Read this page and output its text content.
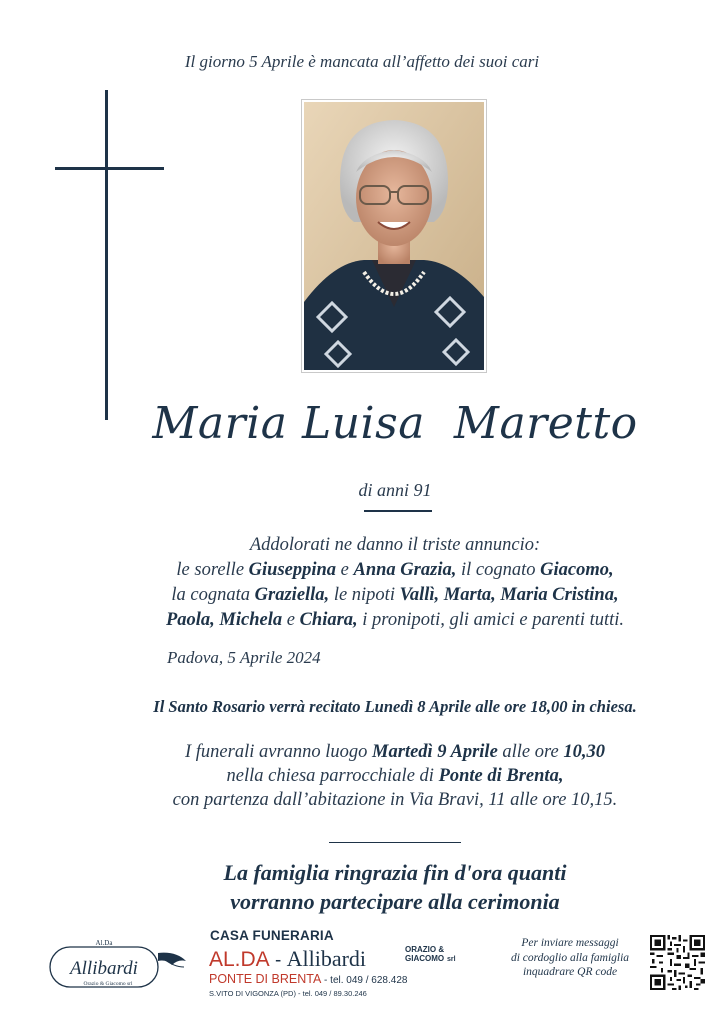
Il giorno 5 Aprile è mancata all’affetto dei suoi cari
Maria Luisa  Maretto
di anni 91
Addolorati ne danno il triste annuncio:
le sorelle Giuseppina e Anna Grazia, il cognato Giacomo,
la cognata Graziella, le nipoti Vallì, Marta, Maria Cristina,
Paola, Michela e Chiara, i pronipoti, gli amici e parenti tutti.
Padova, 5 Aprile 2024
Il Santo Rosario verrà recitato Lunedì 8 Aprile alle ore 18,00 in chiesa.
I funerali avranno luogo Martedì 9 Aprile alle ore 10,30
nella chiesa parrocchiale di Ponte di Brenta,
con partenza dall’abitazione in Via Bravi, 11 alle ore 10,15.
La famiglia ringrazia fin d'ora quanti
vorranno partecipare alla cerimonia
Al.Da
Allibardi
Orazio & Giacomo srl
CASA FUNERARIA
AL.DA - Allibardi	ORAZIO &
GIACOMO srl
PONTE DI BRENTA - tel. 049 / 628.428
S.VITO DI VIGONZA (PD) - tel. 049 / 89.30.246
Per inviare messaggi
di cordoglio alla famiglia
inquadrare QR code
